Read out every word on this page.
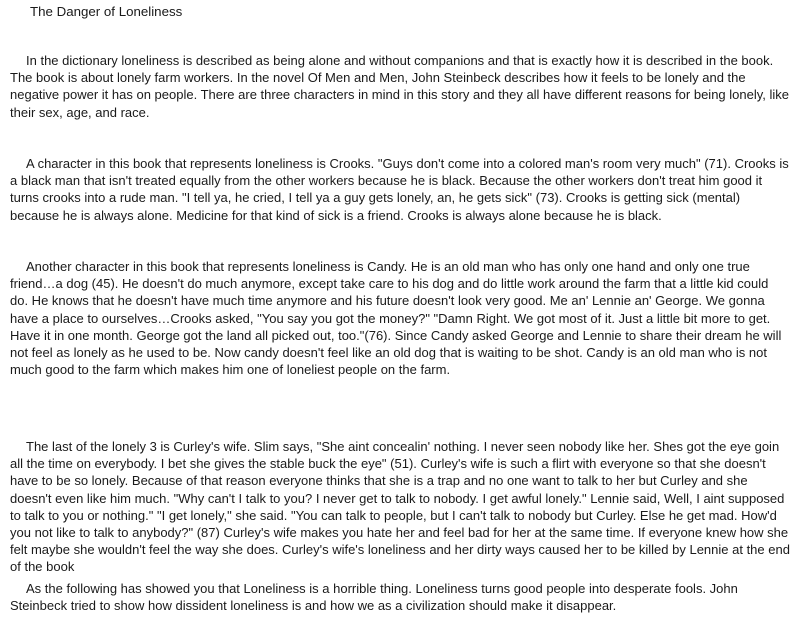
The Danger of Loneliness

In the dictionary loneliness is described as being alone and without companions and that is exactly how it is described in the book. The book is about lonely farm workers. In the novel Of Men and Men, John Steinbeck describes how it feels to be lonely and the negative power it has on people. There are three characters in mind in this story and they all have different reasons for being lonely, like their sex, age, and race.

A character in this book that represents loneliness is Crooks. "Guys don't come into a colored man's room very much" (71). Crooks is a black man that isn't treated equally from the other workers because he is black. Because the other workers don't treat him good it turns crooks into a rude man. "I tell ya, he cried, I tell ya a guy gets lonely, an, he gets sick" (73). Crooks is getting sick (mental) because he is always alone. Medicine for that kind of sick is a friend. Crooks is always alone because he is black.

Another character in this book that represents loneliness is Candy. He is an old man who has only one hand and only one true friend…a dog (45). He doesn't do much anymore, except take care to his dog and do little work around the farm that a little kid could do. He knows that he doesn't have much time anymore and his future doesn't look very good. Me an' Lennie an' George. We gonna have a place to ourselves…Crooks asked, "You say you got the money?" "Damn Right. We got most of it. Just a little bit more to get. Have it in one month. George got the land all picked out, too."(76). Since Candy asked George and Lennie to share their dream he will not feel as lonely as he used to be. Now candy doesn't feel like an old dog that is waiting to be shot. Candy is an old man who is not much good to the farm which makes him one of loneliest people on the farm.

The last of the lonely 3 is Curley's wife. Slim says, "She aint concealin' nothing. I never seen nobody like her. Shes got the eye goin all the time on everybody. I bet she gives the stable buck the eye" (51). Curley's wife is such a flirt with everyone so that she doesn't have to be so lonely. Because of that reason everyone thinks that she is a trap and no one want to talk to her but Curley and she doesn't even like him much. "Why can't I talk to you? I never get to talk to nobody. I get awful lonely." Lennie said, Well, I aint supposed to talk to you or nothing." "I get lonely," she said. "You can talk to people, but I can't talk to nobody but Curley. Else he get mad. How'd you not like to talk to anybody?" (87) Curley's wife makes you hate her and feel bad for her at the same time. If everyone knew how she felt maybe she wouldn't feel the way she does. Curley's wife's loneliness and her dirty ways caused her to be killed by Lennie at the end of the book

As the following has showed you that Loneliness is a horrible thing. Loneliness turns good people into desperate fools. John Steinbeck tried to show how dissident loneliness is and how we as a civilization should make it disappear.
